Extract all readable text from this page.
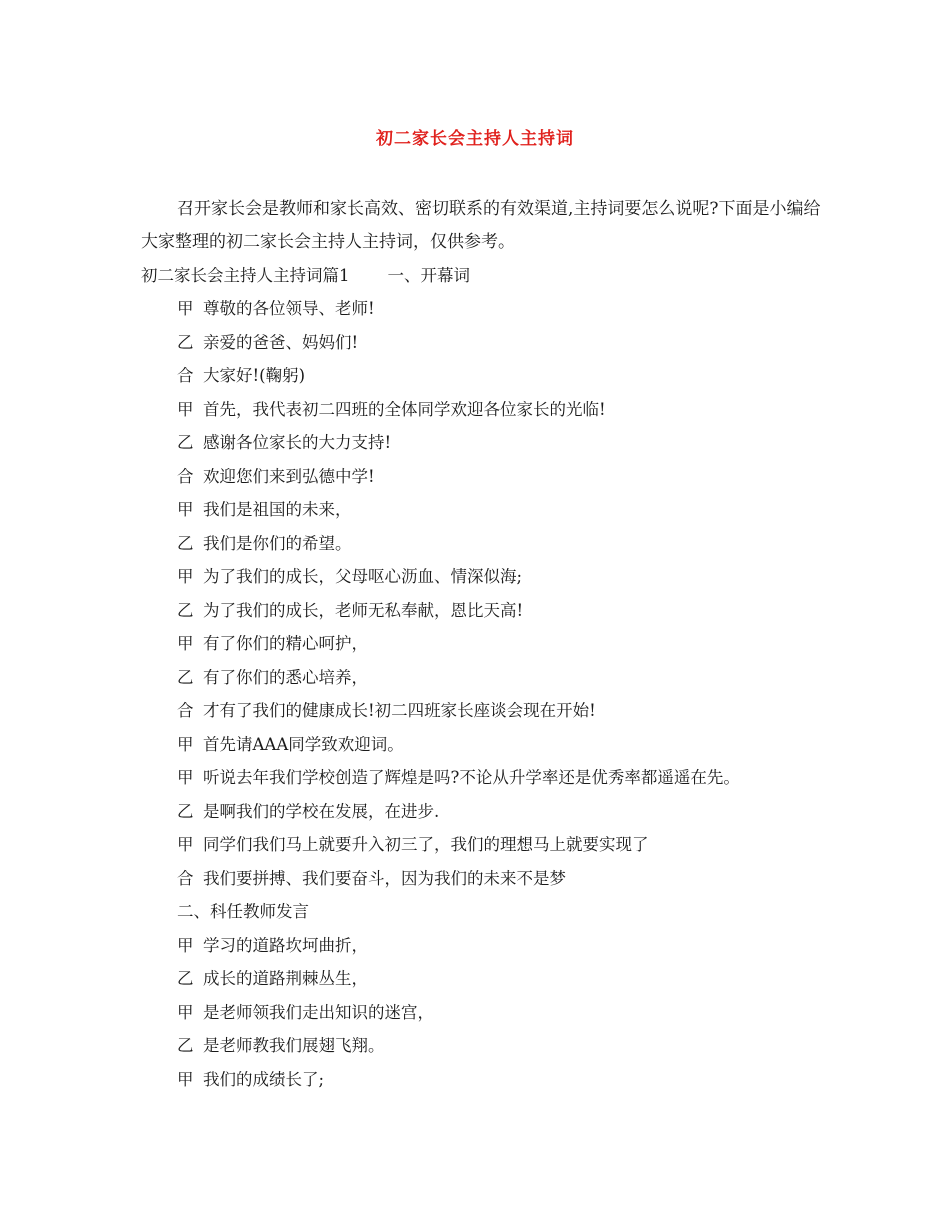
初二家长会主持人主持词
召开家长会是教师和家长高效、密切联系的有效渠道,主持词要怎么说呢?下面是小编给大家整理的初二家长会主持人主持词，仅供参考。
初二家长会主持人主持词篇1 一、开幕词
甲 尊敬的各位领导、老师!
乙 亲爱的爸爸、妈妈们!
合 大家好!(鞠躬)
甲 首先，我代表初二四班的全体同学欢迎各位家长的光临!
乙 感谢各位家长的大力支持!
合 欢迎您们来到弘德中学!
甲 我们是祖国的未来，
乙 我们是你们的希望。
甲 为了我们的成长，父母呕心沥血、情深似海;
乙 为了我们的成长，老师无私奉献，恩比天高!
甲 有了你们的精心呵护，
乙 有了你们的悉心培养，
合 才有了我们的健康成长!初二四班家长座谈会现在开始!
甲 首先请AAA同学致欢迎词。
甲 听说去年我们学校创造了辉煌是吗?不论从升学率还是优秀率都遥遥在先。
乙 是啊我们的学校在发展，在进步.
甲 同学们我们马上就要升入初三了，我们的理想马上就要实现了
合 我们要拼搏、我们要奋斗，因为我们的未来不是梦
二、科任教师发言
甲 学习的道路坎坷曲折，
乙 成长的道路荆棘丛生，
甲 是老师领我们走出知识的迷宫，
乙 是老师教我们展翅飞翔。
甲 我们的成绩长了;
